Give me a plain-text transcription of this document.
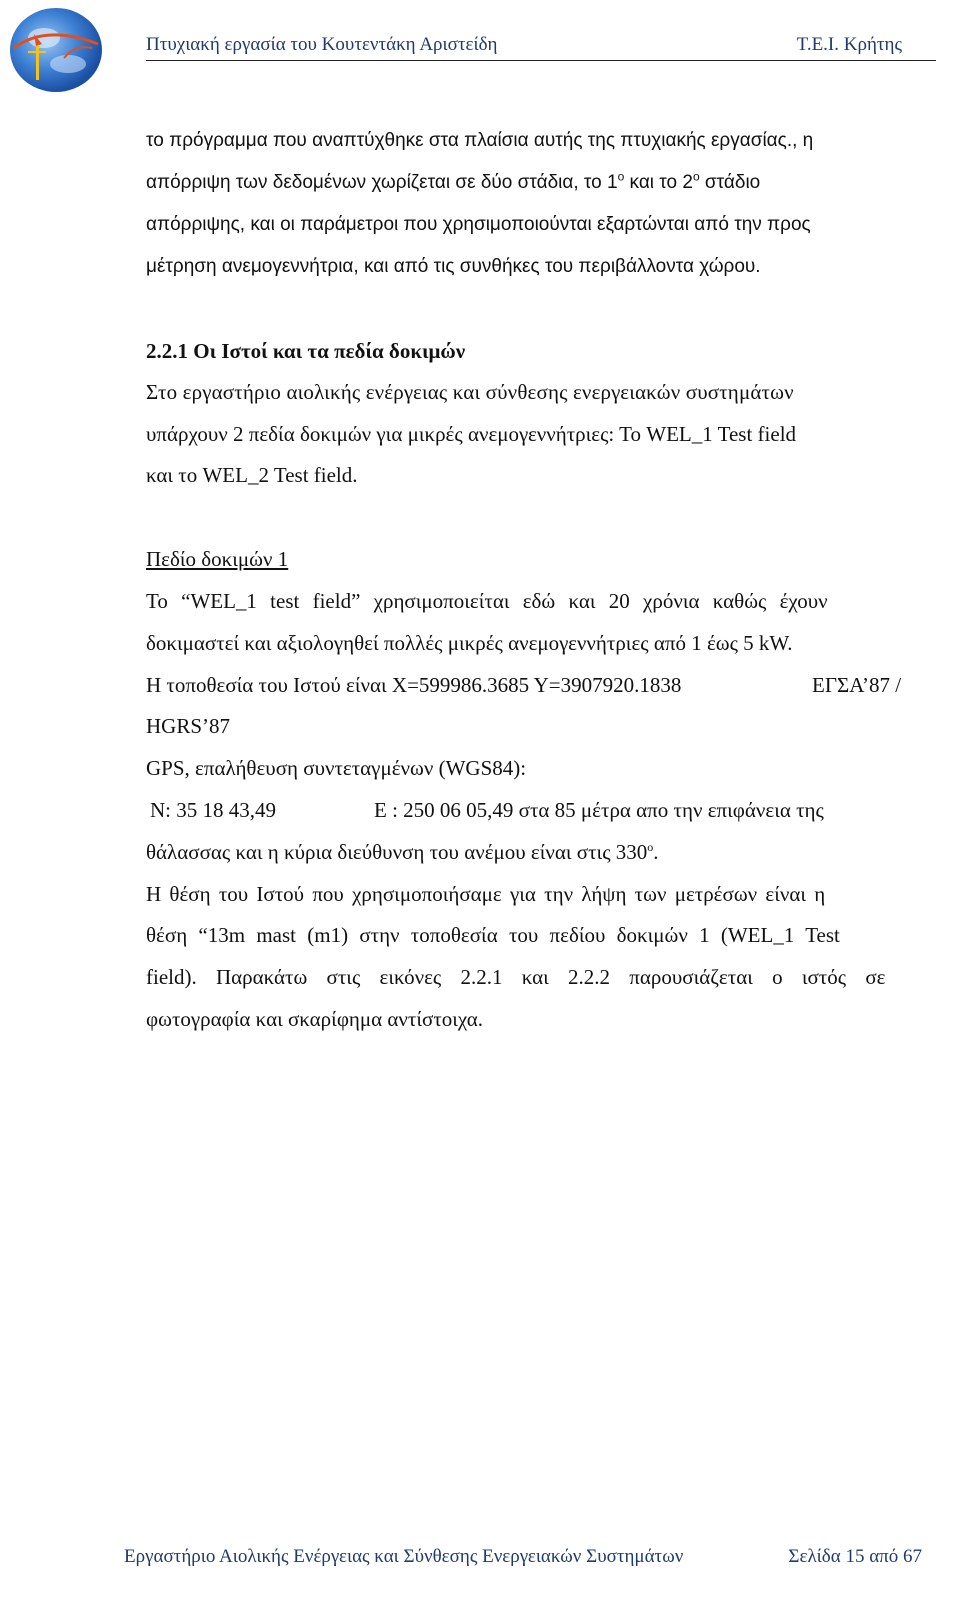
Πτυχιακή εργασία του Κουτεντάκη Αριστείδη	Τ.Ε.Ι. Κρήτης
το πρόγραμμα που αναπτύχθηκε στα πλαίσια αυτής της πτυχιακής εργασίας., η
απόρριψη των δεδομένων χωρίζεται σε δύο στάδια, το $1^o$ και το $2^o$ στάδιο
απόρριψης, και οι παράμετροι που χρησιμοποιούνται εξαρτώνται από την προς
μέτρηση ανεμογεννήτρια, και από τις συνθήκες του περιβάλλοντα χώρου.
2.2.1 Οι Ιστοί και τα πεδία δοκιμών
Στο εργαστήριο αιολικής ενέργειας και σύνθεσης ενεργειακών συστημάτων
υπάρχουν 2 πεδία δοκιμών για μικρές ανεμογεννήτριες: Το WEL_1 Test field
και το WEL_2 Test field.
Πεδίο δοκιμών 1
Το “WEL_1 test field” χρησιμοποιείται εδώ και 20 χρόνια καθώς έχουν
δοκιμαστεί και αξιολογηθεί πολλές μικρές ανεμογεννήτριες από 1 έως 5 kW.
Η τοποθεσία του Ιστού είναι X=599986.3685 Y=3907920.1838	ΕΓΣΑ’87 /
HGRS’87
GPS, επαλήθευση συντεταγμένων (WGS84):
N: 35 18 43,49	E : 250 06 05,49 στα 85 μέτρα απο την επιφάνεια της
θάλασσας και η κύρια διεύθυνση του ανέμου είναι στις $330^o$.
Η θέση του Ιστού που χρησιμοποιήσαμε για την λήψη των μετρέσων είναι η
θέση “13m mast (m1) στην τοποθεσία του πεδίου δοκιμών 1 (WEL_1 Test
field). Παρακάτω στις εικόνες 2.2.1 και 2.2.2 παρουσιάζεται ο ιστός σε
φωτογραφία και σκαρίφημα αντίστοιχα.
Εργαστήριο Αιολικής Ενέργειας και Σύνθεσης Ενεργειακών Συστημάτων	Σελίδα 15 από 67
